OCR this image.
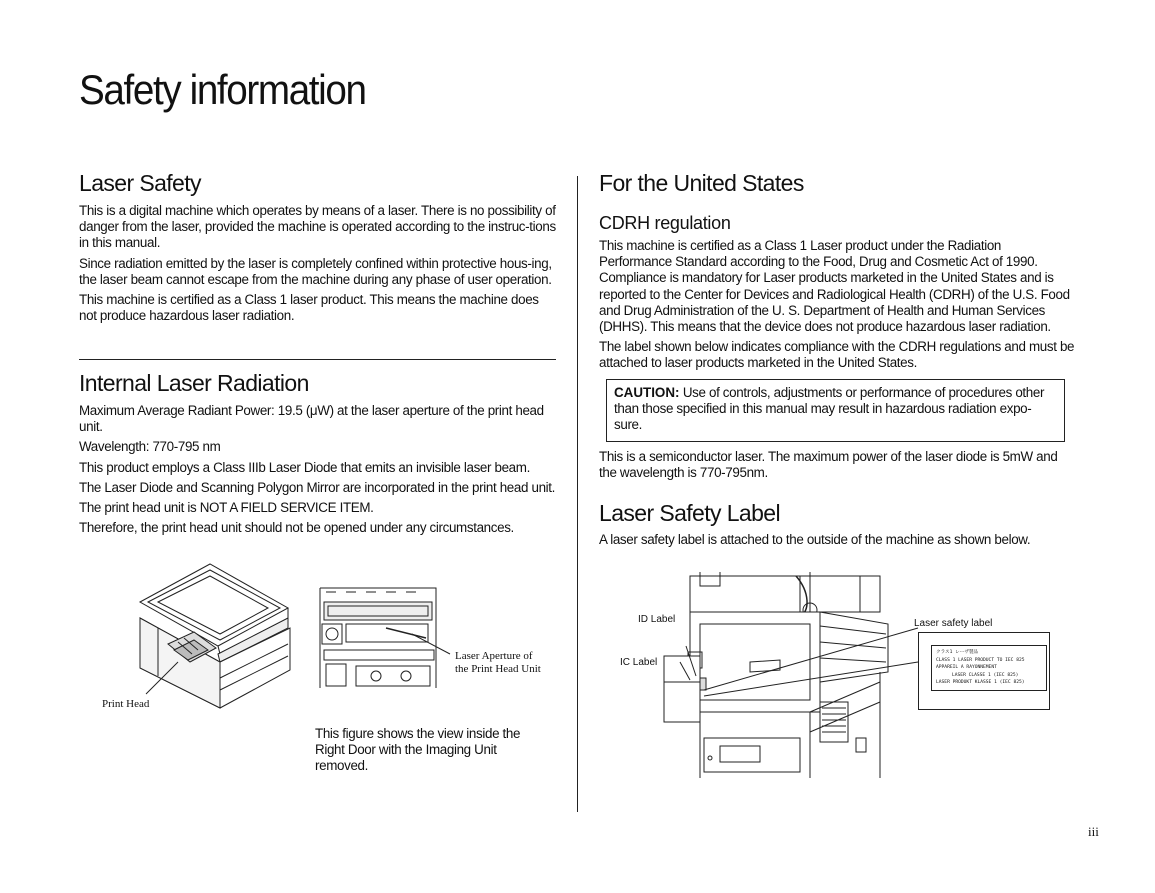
Safety information
Laser Safety

This is a digital machine which operates by means of a laser. There is no possibility of danger from the laser, provided the machine is operated according to the instruc-tions in this manual.

Since radiation emitted by the laser is completely confined within protective hous-ing, the laser beam cannot escape from the machine during any phase of user operation.

This machine is certified as a Class 1 laser product. This means the machine does not produce hazardous laser radiation.

Internal Laser Radiation

Maximum Average Radiant Power: 19.5 (μW) at the laser aperture of the print head unit.

Wavelength: 770-795 nm

This product employs a Class IIIb Laser Diode that emits an invisible laser beam.

The Laser Diode and Scanning Polygon Mirror are incorporated in the print head unit.

The print head unit is NOT A FIELD SERVICE ITEM.

Therefore, the print head unit should not be opened under any circumstances.

Print Head
Laser Aperture of
the Print Head Unit

This figure shows the view inside the Right Door with the Imaging Unit removed.

For the United States
CDRH regulation

This machine is certified as a Class 1 Laser product under the Radiation Performance Standard according to the Food, Drug and Cosmetic Act of 1990. Compliance is mandatory for Laser products marketed in the United States and is reported to the Center for Devices and Radiological Health (CDRH) of the U.S. Food and Drug Administration of the U. S. Department of Health and Human Services (DHHS). This means that the device does not produce hazardous laser radiation.

The label shown below indicates compliance with the CDRH regulations and must be attached to laser products marketed in the United States.

CAUTION: Use of controls, adjustments or performance of procedures other than those specified in this manual may result in hazardous radiation expo-sure.

This is a semiconductor laser. The maximum power of the laser diode is 5mW and the wavelength is 770-795nm.

Laser Safety Label

A laser safety label is attached to the outside of the machine as shown below.

ID Label
IC Label
Laser safety label
クラス1 レーザ製品
CLASS 1 LASER PRODUCT TO IEC 825
APPAREIL A RAYONNEMENT
LASER CLASSE 1 (IEC 825)
LASER PRODUKT KLASSE 1 (IEC 825)
iii
